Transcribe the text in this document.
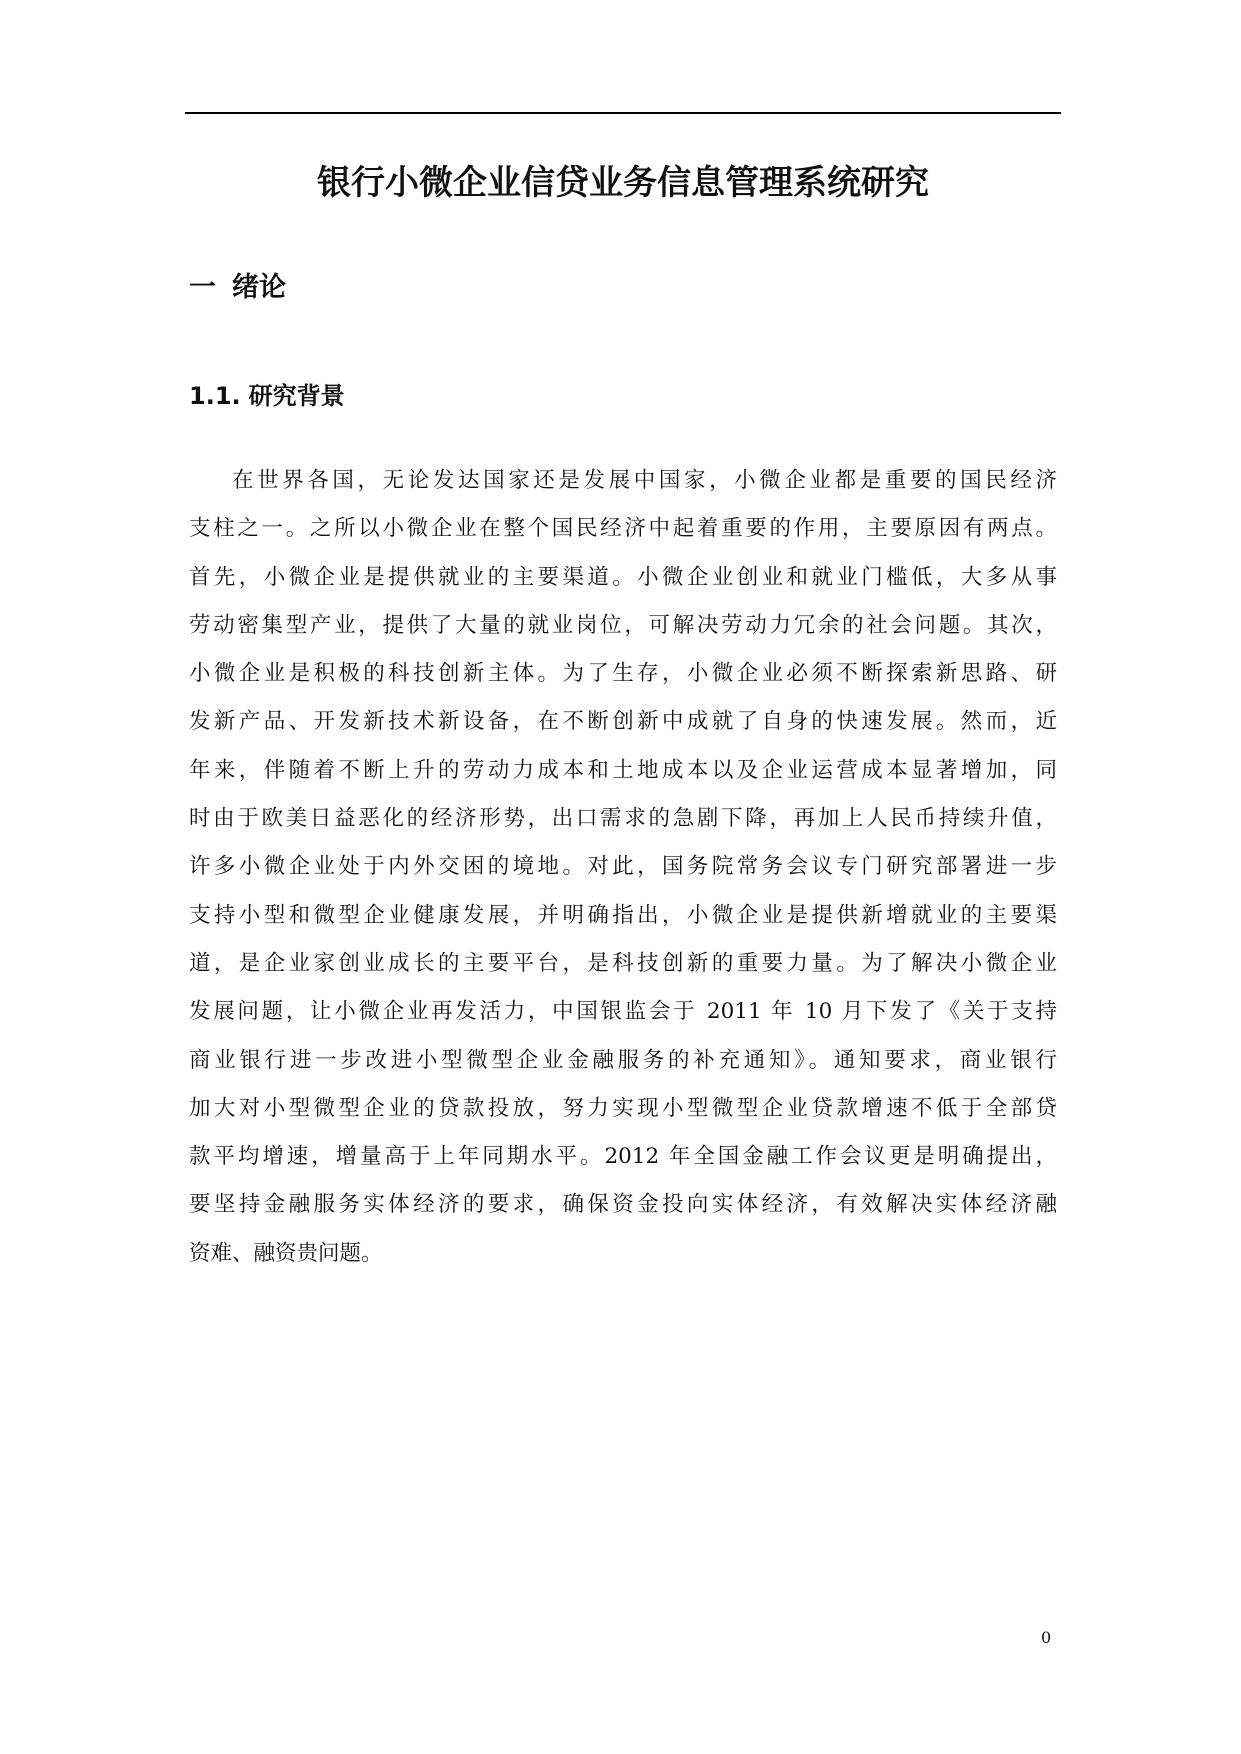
银行小微企业信贷业务信息管理系统研究
一 绪论
1.1. 研究背景
在世界各国，无论发达国家还是发展中国家，小微企业都是重要的国民经济
支柱之一。之所以小微企业在整个国民经济中起着重要的作用，主要原因有两点。
首先，小微企业是提供就业的主要渠道。小微企业创业和就业门槛低，大多从事
劳动密集型产业，提供了大量的就业岗位，可解决劳动力冗余的社会问题。其次，
小微企业是积极的科技创新主体。为了生存，小微企业必须不断探索新思路、研
发新产品、开发新技术新设备，在不断创新中成就了自身的快速发展。然而，近
年来，伴随着不断上升的劳动力成本和土地成本以及企业运营成本显著增加，同
时由于欧美日益恶化的经济形势，出口需求的急剧下降，再加上人民币持续升值，
许多小微企业处于内外交困的境地。对此，国务院常务会议专门研究部署进一步
支持小型和微型企业健康发展，并明确指出，小微企业是提供新增就业的主要渠
道，是企业家创业成长的主要平台，是科技创新的重要力量。为了解决小微企业
发展问题，让小微企业再发活力，中国银监会于 2011 年 10 月下发了《关于支持
商业银行进一步改进小型微型企业金融服务的补充通知》。通知要求，商业银行
加大对小型微型企业的贷款投放，努力实现小型微型企业贷款增速不低于全部贷
款平均增速，增量高于上年同期水平。2012 年全国金融工作会议更是明确提出，
要坚持金融服务实体经济的要求，确保资金投向实体经济，有效解决实体经济融
资难、融资贵问题。
0
